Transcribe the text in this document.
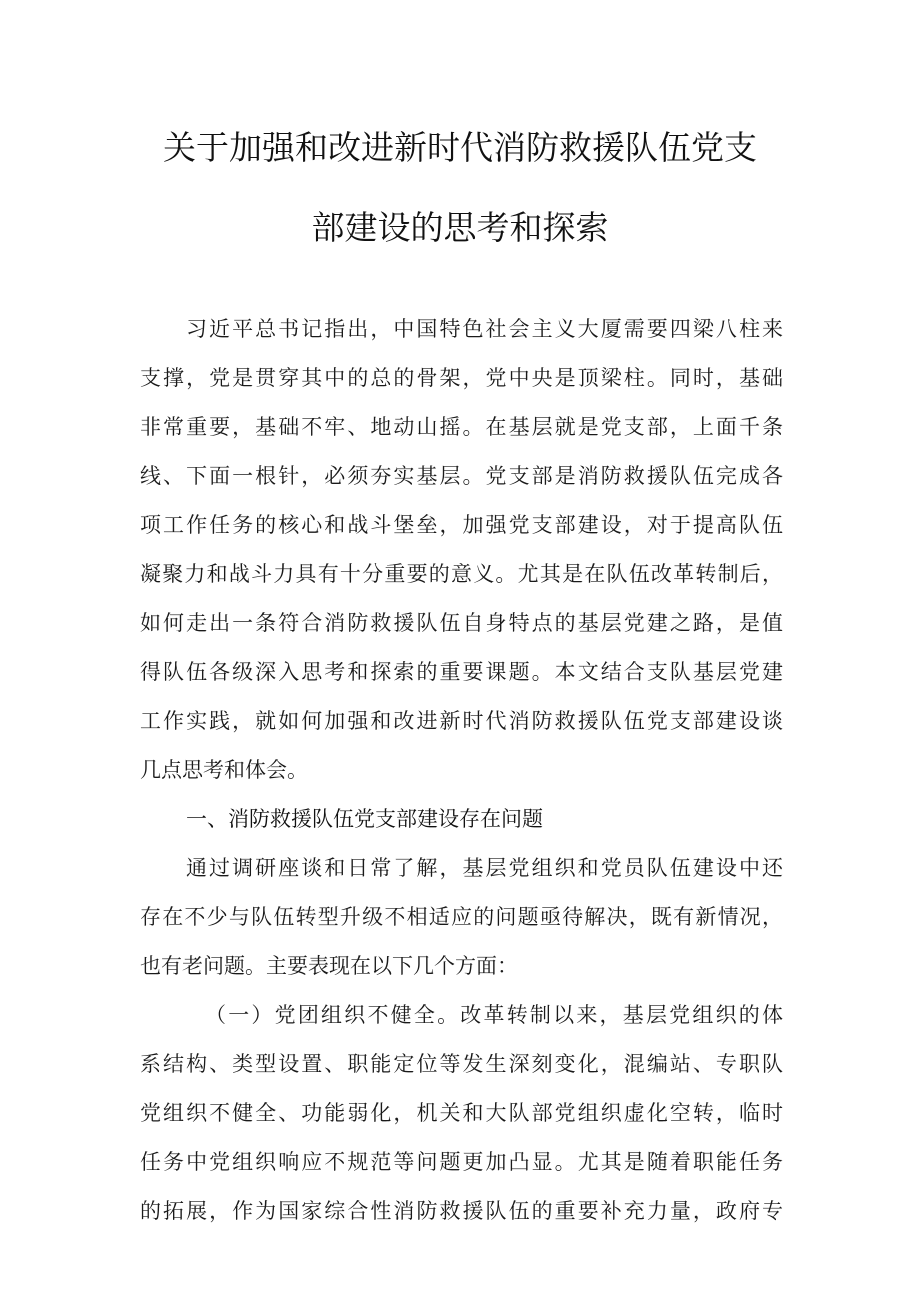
关于加强和改进新时代消防救援队伍党支
部建设的思考和探索
习近平总书记指出，中国特色社会主义大厦需要四梁八柱来
支撑，党是贯穿其中的总的骨架，党中央是顶梁柱。同时，基础
非常重要，基础不牢、地动山摇。在基层就是党支部，上面千条
线、下面一根针，必须夯实基层。党支部是消防救援队伍完成各
项工作任务的核心和战斗堡垒，加强党支部建设，对于提高队伍
凝聚力和战斗力具有十分重要的意义。尤其是在队伍改革转制后，
如何走出一条符合消防救援队伍自身特点的基层党建之路，是值
得队伍各级深入思考和探索的重要课题。本文结合支队基层党建
工作实践，就如何加强和改进新时代消防救援队伍党支部建设谈
几点思考和体会。
一、消防救援队伍党支部建设存在问题
通过调研座谈和日常了解，基层党组织和党员队伍建设中还
存在不少与队伍转型升级不相适应的问题亟待解决，既有新情况，
也有老问题。主要表现在以下几个方面：
（一）党团组织不健全。改革转制以来，基层党组织的体
系结构、类型设置、职能定位等发生深刻变化，混编站、专职队
党组织不健全、功能弱化，机关和大队部党组织虚化空转，临时
任务中党组织响应不规范等问题更加凸显。尤其是随着职能任务
的拓展，作为国家综合性消防救援队伍的重要补充力量，政府专
